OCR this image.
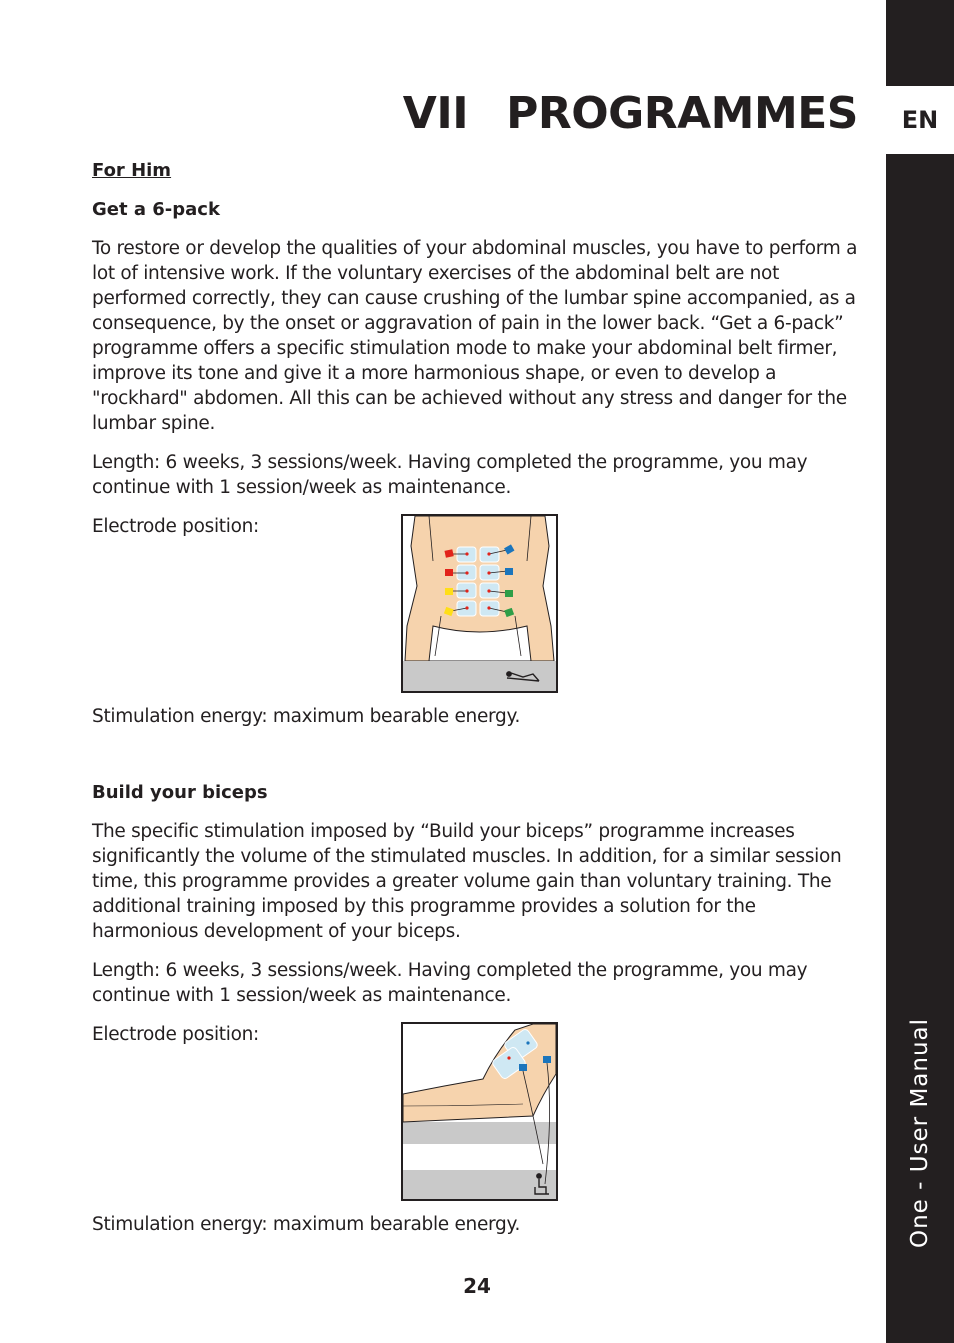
EN
One - User Manual
VII PROGRAMMES
For Him
Get a 6-pack

To restore or develop the qualities of your abdominal muscles, you have to perform a lot of intensive work. If the voluntary exercises of the abdominal belt are not performed correctly, they can cause crushing of the lumbar spine accompanied, as a consequence, by the onset or aggravation of pain in the lower back. “Get a 6-pack” programme offers a specific stimulation mode to make your abdominal belt firmer, improve its tone and give it a more harmonious shape, or even to develop a "rockhard" abdomen. All this can be achieved without any stress and danger for the lumbar spine.

Length: 6 weeks, 3 sessions/week. Having completed the programme, you may continue with 1 session/week as maintenance.

Electrode position:

Stimulation energy: maximum bearable energy.

Build your biceps

The specific stimulation imposed by “Build your biceps” programme increases significantly the volume of the stimulated muscles. In addition, for a similar session time, this programme provides a greater volume gain than voluntary training. The additional training imposed by this programme provides a solution for the harmonious development of your biceps.

Length: 6 weeks, 3 sessions/week. Having completed the programme, you may continue with 1 session/week as maintenance.

Electrode position:

Stimulation energy: maximum bearable energy.

24
